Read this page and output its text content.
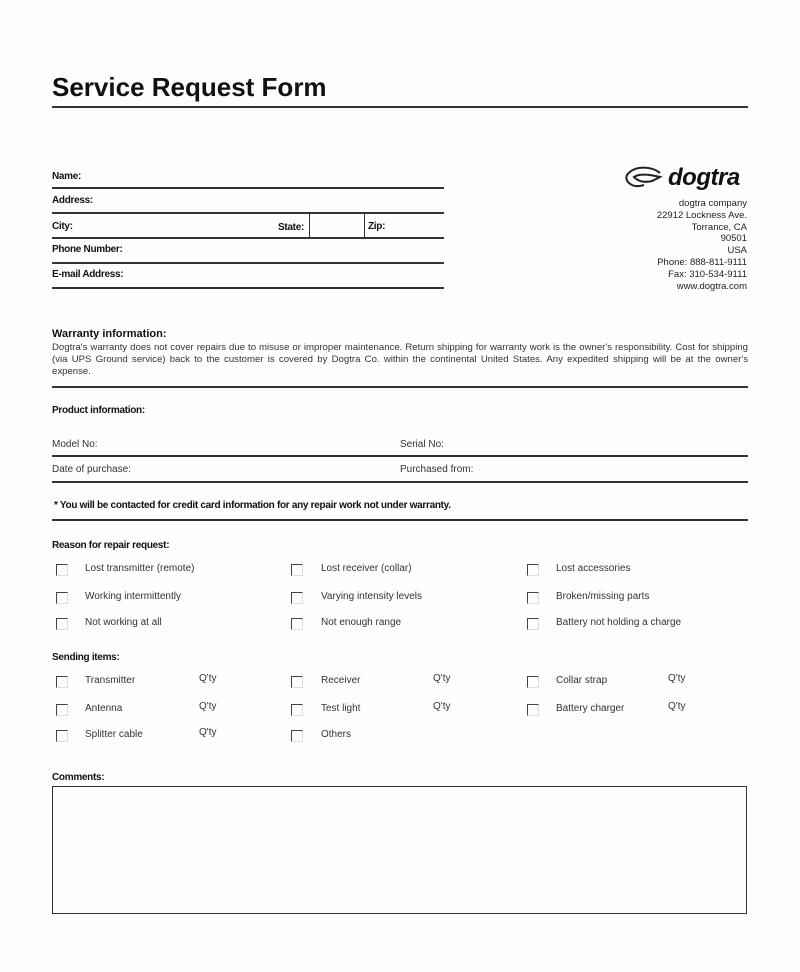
Service Request Form
Name:
Address:
City:	State:	Zip:
Phone Number:
E-mail Address:
dogtra
dogtra company
22912 Lockness Ave.
Torrance, CA
90501
USA
Phone: 888-811-9111
Fax: 310-534-9111
www.dogtra.com
Warranty information:
Dogtra's warranty does not cover repairs due to misuse or improper maintenance. Return shipping for warranty work is the owner's responsibility. Cost for shipping (via UPS Ground service) back to the customer is covered by Dogtra Co. within the continental United States. Any expedited shipping will be at the owner's expense.
Product information:
Model No:	Serial No:
Date of purchase:	Purchased from:
* You will be contacted for credit card information for any repair work not under warranty.
Reason for repair request:
Lost transmitter (remote)	Lost receiver (collar)	Lost accessories
Working intermittently	Varying intensity levels	Broken/missing parts
Not working at all	Not enough range	Battery not holding a charge
Sending items:
Transmitter	Q'ty	Receiver	Q'ty	Collar strap	Q'ty
Antenna	Q'ty	Test light	Q'ty	Battery charger	Q'ty
Splitter cable	Q'ty	Others
Comments:
